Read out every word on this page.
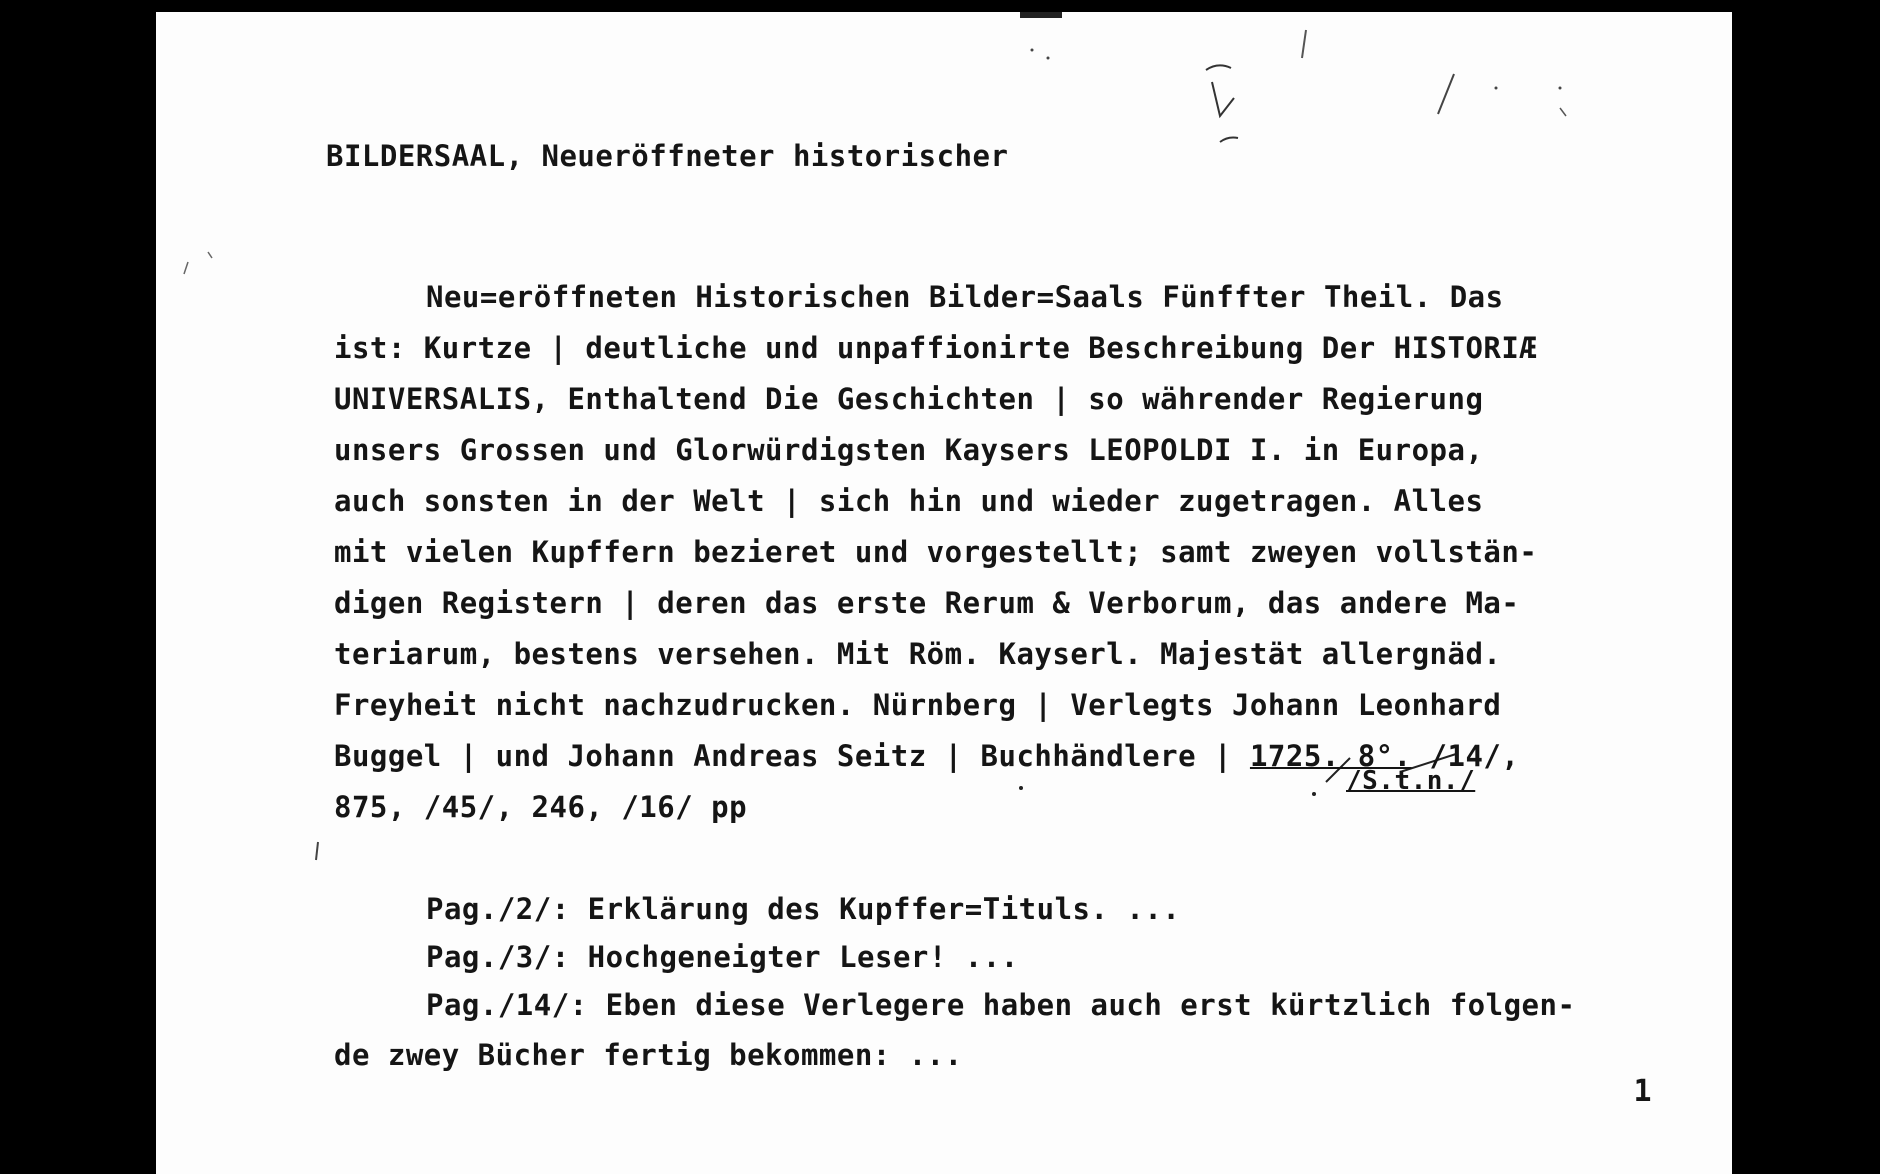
BILDERSAAL, Neueröffneter historischer
Neu=eröffneten Historischen Bilder=Saals Fünffter Theil. Das
ist: Kurtze | deutliche und unpaffionirte Beschreibung Der HISTORIÆ
UNIVERSALIS, Enthaltend Die Geschichten | so währender Regierung
unsers Grossen und Glorwürdigsten Kaysers LEOPOLDI I. in Europa,
auch sonsten in der Welt | sich hin und wieder zugetragen. Alles
mit vielen Kupffern bezieret und vorgestellt; samt zweyen vollstän-
digen Registern | deren das erste Rerum & Verborum, das andere Ma-
teriarum, bestens versehen. Mit Röm. Kayserl. Majestät allergnäd.
Freyheit nicht nachzudrucken. Nürnberg | Verlegts Johann Leonhard
Buggel | und Johann Andreas Seitz | Buchhändlere | 1725. 8°. /14/,
875, /45/, 246, /16/ pp
/S.t.n./
Pag./2/: Erklärung des Kupffer=Tituls. ...
Pag./3/: Hochgeneigter Leser! ...
Pag./14/: Eben diese Verlegere haben auch erst kürtzlich folgen-
de zwey Bücher fertig bekommen: ...
1
